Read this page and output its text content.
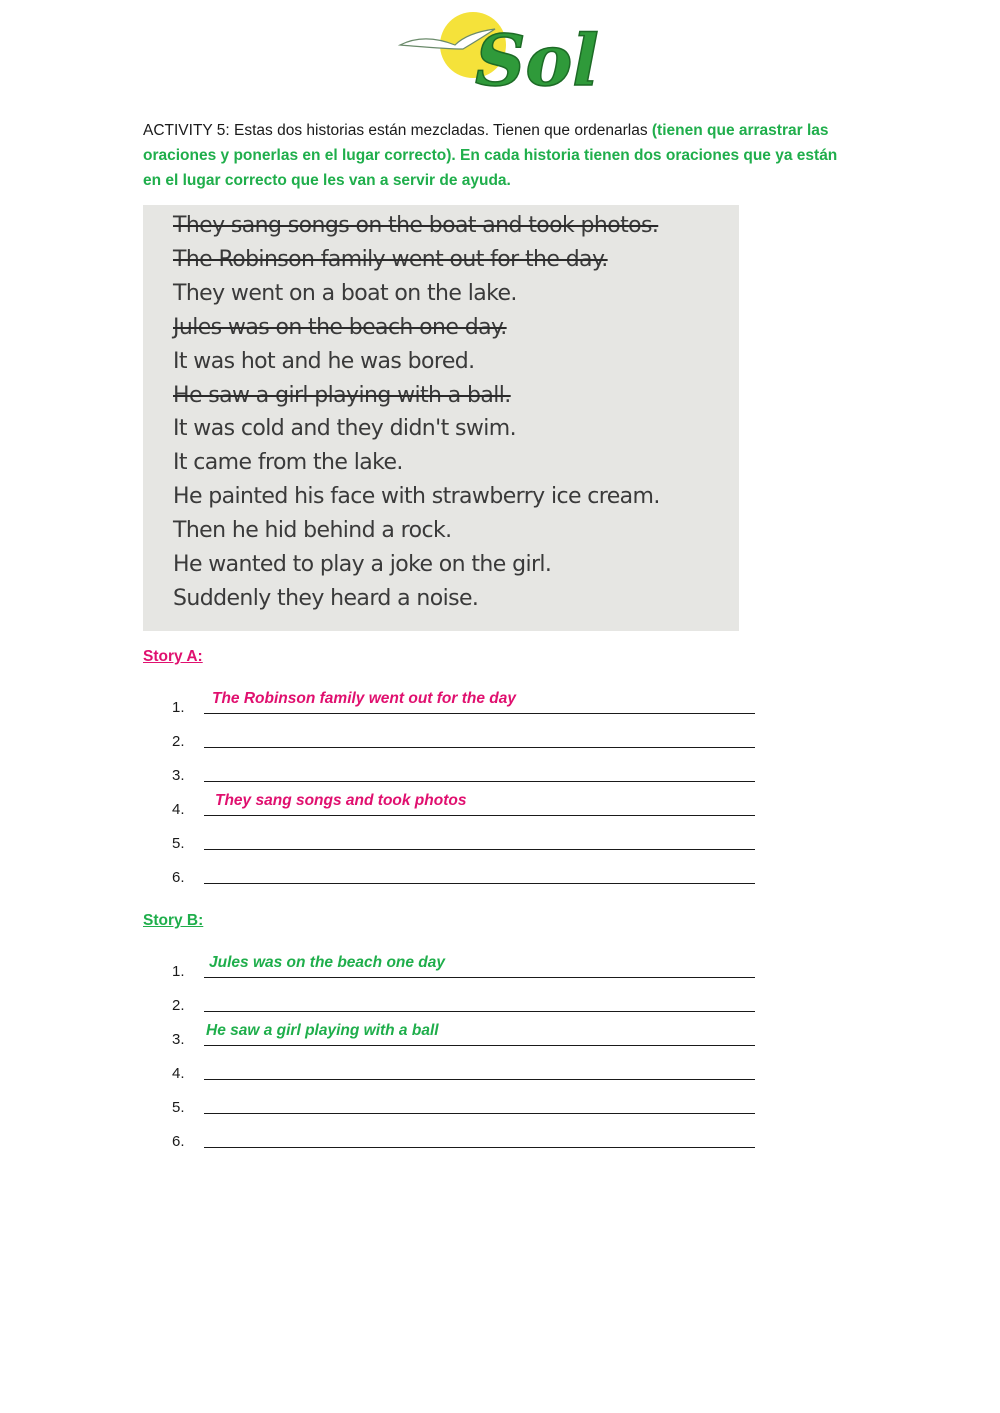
Sol
ACTIVITY 5: Estas dos historias están mezcladas. Tienen que ordenarlas (tienen que arrastrar las oraciones y ponerlas en el lugar correcto). En cada historia tienen dos oraciones que ya están en el lugar correcto que les van a servir de ayuda.
They sang songs on the boat and took photos.
The Robinson family went out for the day.
They went on a boat on the lake.
Jules was on the beach one day.
It was hot and he was bored.
He saw a girl playing with a ball.
It was cold and they didn't swim.
It came from the lake.
He painted his face with strawberry ice cream.
Then he hid behind a rock.
He wanted to play a joke on the girl.
Suddenly they heard a noise.
Story A:
1.
The Robinson family went out for the day
2.
3.
4.
They sang songs and took photos
5.
6.
Story B:
1.
Jules was on the beach one day
2.
3.
He saw a girl playing with a ball
4.
5.
6.
